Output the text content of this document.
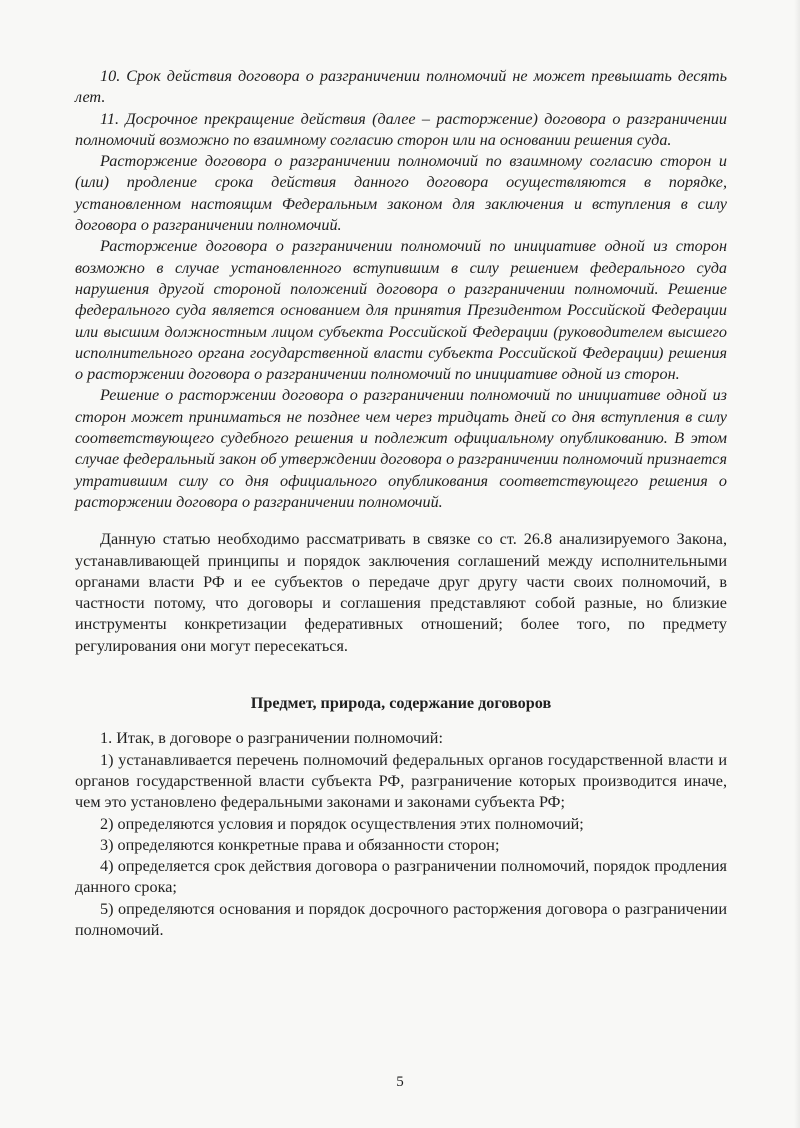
10. Срок действия договора о разграничении полномочий не может превышать десять лет.

11. Досрочное прекращение действия (далее – расторжение) договора о разграничении полномочий возможно по взаимному согласию сторон или на основании решения суда.

Расторжение договора о разграничении полномочий по взаимному согласию сторон и (или) продление срока действия данного договора осуществляются в порядке, установленном настоящим Федеральным законом для заключения и вступления в силу договора о разграничении полномочий.

Расторжение договора о разграничении полномочий по инициативе одной из сторон возможно в случае установленного вступившим в силу решением федерального суда нарушения другой стороной положений договора о разграничении полномочий. Решение федерального суда является основанием для принятия Президентом Российской Федерации или высшим должностным лицом субъекта Российской Федерации (руководителем высшего исполнительного органа государственной власти субъекта Российской Федерации) решения о расторжении договора о разграничении полномочий по инициативе одной из сторон.

Решение о расторжении договора о разграничении полномочий по инициативе одной из сторон может приниматься не позднее чем через тридцать дней со дня вступления в силу соответствующего судебного решения и подлежит официальному опубликованию. В этом случае федеральный закон об утверждении договора о разграничении полномочий признается утратившим силу со дня официального опубликования соответствующего решения о расторжении договора о разграничении полномочий.

Данную статью необходимо рассматривать в связке со ст. 26.8 анализируемого Закона, устанавливающей принципы и порядок заключения соглашений между исполнительными органами власти РФ и ее субъектов о передаче друг другу части своих полномочий, в частности потому, что договоры и соглашения представляют собой разные, но близкие инструменты конкретизации федеративных отношений; более того, по предмету регулирования они могут пересекаться.

Предмет, природа, содержание договоров

1. Итак, в договоре о разграничении полномочий:

1) устанавливается перечень полномочий федеральных органов государственной власти и органов государственной власти субъекта РФ, разграничение которых производится иначе, чем это установлено федеральными законами и законами субъекта РФ;

2) определяются условия и порядок осуществления этих полномочий;

3) определяются конкретные права и обязанности сторон;

4) определяется срок действия договора о разграничении полномочий, порядок продления данного срока;

5) определяются основания и порядок досрочного расторжения договора о разграничении полномочий.

5
